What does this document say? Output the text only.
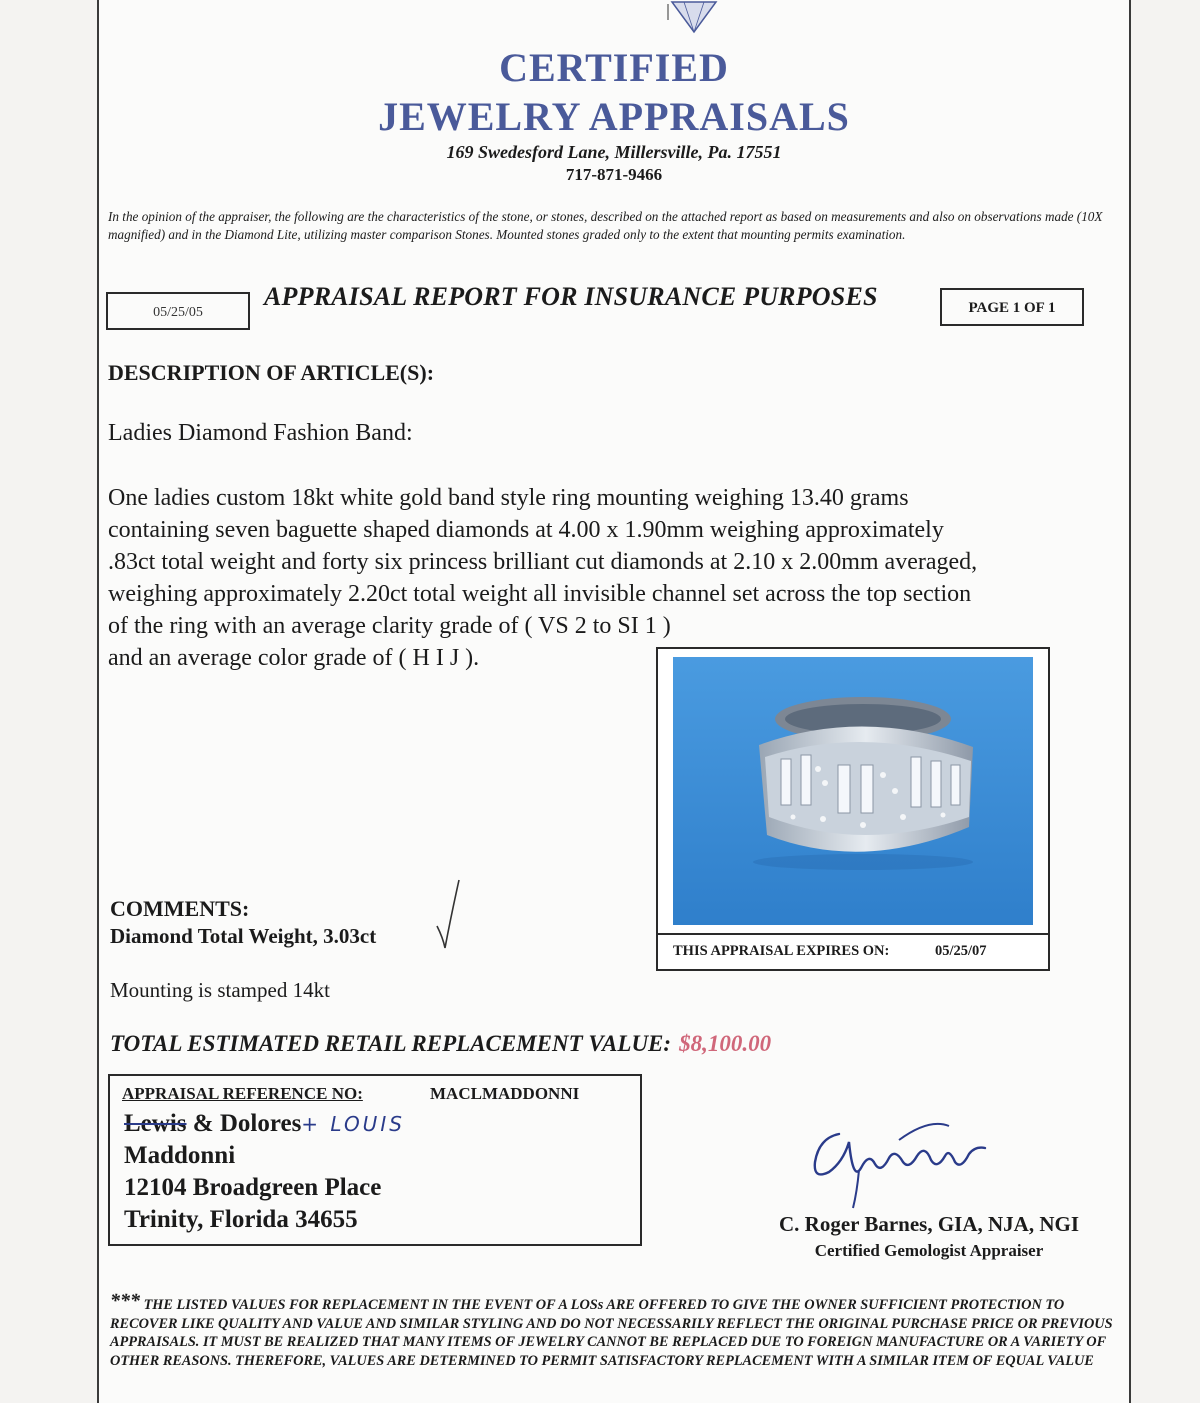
CERTIFIED
JEWELRY APPRAISALS
169 Swedesford Lane, Millersville, Pa. 17551
717-871-9466
In the opinion of the appraiser, the following are the characteristics of the stone, or stones, described on the attached report as based on measurements and also on observations made (10X magnified) and in the Diamond Lite, utilizing master comparison Stones. Mounted stones graded only to the extent that mounting permits examination.
05/25/05
APPRAISAL REPORT FOR INSURANCE PURPOSES	PAGE 1 OF 1
DESCRIPTION OF ARTICLE(S):
Ladies Diamond Fashion Band:
One ladies custom 18kt white gold band style ring mounting weighing 13.40 grams
containing seven baguette shaped diamonds at 4.00 x 1.90mm weighing approximately
.83ct total weight and forty six princess brilliant cut diamonds at 2.10 x 2.00mm averaged,
weighing approximately 2.20ct total weight all invisible channel set across the top section
of the ring with an average clarity grade of ( VS 2 to SI 1 )
and an average color grade of ( H I J ).
THIS APPRAISAL EXPIRES ON:	05/25/07
COMMENTS:
Diamond Total Weight, 3.03ct
Mounting is stamped 14kt
TOTAL ESTIMATED RETAIL REPLACEMENT VALUE: $8,100.00
APPRAISAL REFERENCE NO:	MACLMADDONNI
Lewis & Dolores+ LOUIS
Maddonni
12104 Broadgreen Place
Trinity, Florida 34655	C. Roger Barnes, GIA, NJA, NGI
Certified Gemologist Appraiser
*** THE LISTED VALUES FOR REPLACEMENT IN THE EVENT OF A LOSs ARE OFFERED TO GIVE THE OWNER SUFFICIENT PROTECTION TO RECOVER LIKE QUALITY AND VALUE AND SIMILAR STYLING AND DO NOT NECESSARILY REFLECT THE ORIGINAL PURCHASE PRICE OR PREVIOUS APPRAISALS. IT MUST BE REALIZED THAT MANY ITEMS OF JEWELRY CANNOT BE REPLACED DUE TO FOREIGN MANUFACTURE OR A VARIETY OF OTHER REASONS. THEREFORE, VALUES ARE DETERMINED TO PERMIT SATISFACTORY REPLACEMENT WITH A SIMILAR ITEM OF EQUAL VALUE
